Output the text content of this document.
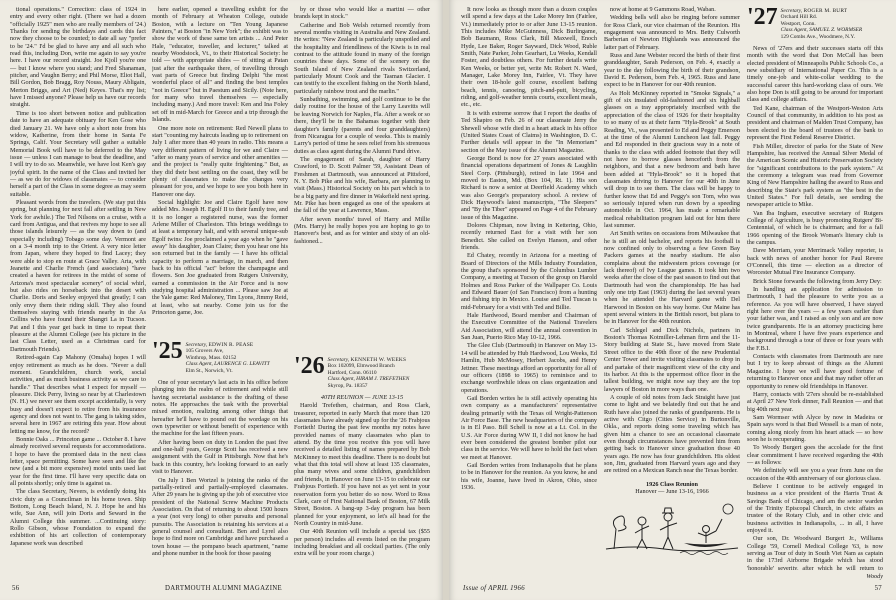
tional operations." Correction: class of 1924 in entry and every other right. (There we had a dozen "officially 1925" men who are really members of '24.) Thanks for sending the birthdays and cards this fact now they choose to be counted; to date all say "prefer to be '24." I'd be glad to have any and all such who read this, including Don, write me again to say you're here. I have our record straight. Joe Kjoll you're one — but I know where you stand; and Fred Shanaman, pitcher, and Vaughn Berry; and Phil Morse, Eliot Hall, Bill Gordon, Bob Bragg, Roy Nouss, Maury Abligain, Merton Briggs, and Art (Ned) Keyes. That's my list; have I missed anyone? Please help us have our records straight.

Time is too short between notice and publication date to have an adequate obituary for Ken Gose who died January 21. We have only a short note from his widow, Katherine, from their home in Santa Fe Springs, Calif. Your Secretary will gather a suitable Memorial Book will have to be deferred to the May issue — unless I can manage to beat the deadline, and I will try to do so. Meanwhile, we have lost Ken's gay joyful spirit. In the name of the Class and invited her — as we do for widows of classmates — to consider herself a part of the Class in some degree as may seem suitable.

Pleasant words from the travelers. (We stay put this spring, but planning for next fall after settling in New York for awhile.) The Ted Nilsons on a cruise, with a card from Antigua, and that revives my hope to see all those islands leisurely — as the way down to (and especially including) Tobago some day. Vermont are on a 3-4 month trip to the Orient. A very nice letter from Japan, where they hoped to find Lacey; they were able to stop en route at Grace Valley. Arta, with Jeanette and Charlie French (and associates) "have created a haven for retirees in the midst of some of Arizona's most spectacular scenery" of social whirl, but also rides on horseback into the desert with Charlie. Doris and Seeley enjoyed that greatly; I can only envy them their riding skill. They also found themselves staying with friends nearby in the As Collins who have found their Shangri La in Tucson. Pat and I this year get back in time to repeat their pleasure at the Alumni College (see his picture in the last Class Letter, used as a Christmas card for Dartmouth Friends).

Retired-again Cap Mahony (Omaha) hopes I will enjoy retirement as much as he does. "Never a dull moment. Grandchildren, church work, social activities, and as much business activity as we care to handle." That describes what I expect for myself — pleasure. Dick Perry, living so near by at Charlestown (N. H.) we never see them except accidentally, is very busy and doesn't expect to retire from his insurance agency and does not want to. The gang is taking sides, several here in 1967 are retiring this year. How about letting me know, for the record?

Bonnie Oaks ... Princeton game ... October 8. I have already received several requests for accommodations. I hope to have the promised data in the next class letter, space permitting. Some have seen and like the new (and a bit more expensive) motel units used last year for the first time. I'll have very specific data on all points shortly; only time is against us.

The class Secretary, Nevers, is evidently doing his civic duty as a Councilman in his home town. Ship Bottom, Long Beach Island, N. J. Hope he and his wife, Sue Ann, will join Doris and Seward in the Alumni College this summer. ...Continuing story: Rollo Gibson, whose Foundation to expand the exhibition of his art collection of contemporary Japanese work was described

here earlier, opened a travelling exhibit for the month of February at Wheaton College, outside Boston, with a lecture on "Ten Young Japanese Painters," at Boston "in New York"; the exhibit was to show the work of these same ten artists ... And Peter Hale, "educator, traveller, and lecturer," talked at nearby Woodstock, Vt., to their Historical Society: he told — with appropriate slides — of sitting at Patan just after the earthquake there, of travelling through vast parts of Greece but finding Delphi "the most wonderful place of all" and finding the best temples "not in Greece" but in Paestum and Sicily. (Note here, for many who travel themselves — especially including many.) And more travel: Ken and Ina Foley set off in mid-March for Greece and a trip through the Islands.

One more note on retirement: Red Newell plans to start "counting my haircuts leading up to retirement on July 1 after more than 40 years in radio. This means a very different pattern of living for we and Claire — "after so many years of service and other amenities — and the project is "really quite frightening." But, as they did their best settling on the coast, they will be plenty of classmates to make the changes very pleasant for you, and we hope to see you both here in Hanover one day.

Social highlight: Joe and Claire Egolf have now added Mrs. Joseph H. Egolf II to their family tree, and it is no longer a registered nurse, was the former Arlene Miller of Charleston. This brings weddings to at least a temporary halt, and with several unique-sub Egolf twins: Joe proclaimed a year ago when he "gave away" his daughter, Joan Claire; then you hear one his son returned but in the family — I have his official capacity to perform a marriage, in march, and then back to his official "act" before the champagne and flowers. Son Joe graduated from Rutgers University, earned a commission in the Air Force and is now studying hospital administration ... Please saw Joe at the Yale game: Red Maloney, Tim Lyons, Jimmy Reid, at least, who sat nearby. Come join us for the Princeton game, Joe.

'25 Secretary, EDWIN R. PEASE
105 Grovers Ave,
Winthrop, Mass. 02152
Class Agent, LAURENCE G. LEAVITT
Elm St., Norwich, Vt.

One of your secretary's last acts in his office before plunging into the realm of retirement and while still having secretarial assistance is the drafting of these notes. He approaches the task with the proverbial mixed emotion, realizing among other things that hereafter he'll have to pound out the wordage on his own typewriter or without benefit of experience with the machine for the last fifteen years.

After having been on duty in London the past five and one-half years, George Scott has received a new assignment with the Gulf in Pittsburgh. Now that he's back in this country, he's looking forward to an early visit to Hanover.

On July 1 Ben Wortzel is joining the ranks of the partially-retired and partially-employed classmates. After 29 years he is giving up the job of executive vice president of the National Screw Machine Products Association. On that of returning to about 1500 hours a year (not very long) to other pursuits and personal pursuits. The Association is retaining his services at a general counsel and consultant. Ben and Lyrel also hope to find more on Cambridge and have purchased a town house — the pompano beach apartment, "name and phone number in the book for those passing

by or those who would like a martini — other brands kept in stock."

Catherine and Bob Welsh returned recently from several months visiting in Australia and New Zealand. He writes: "New Zealand is particularly unspoiled and the hospitality and friendliness of the Kiwis is in real contrast to the attitude found in many of the foreign countries these days. Some of the scenery on the South Island of New Zealand rivals Switzerland, particularly Mount Cook and the Tasman Glacier. I can testify to the excellent fishing on the North Island, particularly rainbow trout and the marlin."

Sunbathing, swimming, and golf continue to be the daily routine for the house of the Larry Leavitts will be leaving Norwich for Naples, Fla. After a week or so there, they'll be in the Bahamas together with their daughter's family (parents and four granddaughters) from Nicaragua for a couple of weeks. This is mainly Larry's period of time he sees relief from his strenuous duties as class agent during the Alumni Fund drive.

The engagement of Sarah, daughter of Harry Crawford, to D. Scott Palmer '59, Assistant Dean of Freshmen at Dartmouth, was announced at Pittsford, N. Y. Bob Pike and his wife, Barbara, are planning to visit (Mass.) Historical Society on his part which is to be a big party and fire dinner in Wakefield next spring. Mr. Pike has been engaged as one of the speakers at the fall of the year at Lawrence, Mass.

After seven months' travel of Harry and Millie (Mrs. Harry) he really hopes you are hoping to go to Hanover's best, and as for winter and sixty of an old-fashioned...

'26 Secretary, KENNETH W. WEEKS
Box 102099, Elmwood Branch
Hartford, Conn. 06110
Class Agent, HIRAM J. TREFETHEN
Skyrop, Pa. 18357

40TH REUNION — JUNE 13-15

Harold Trefethen, chairman, and Ross Clark, treasurer, reported in early March that more than 120 classmates have already signed up for the '26 Frabjous Fortieth! During the past few months my notes have provided names of many classmates who plan to attend. By the time you receive this you will have received a detailed listing of names prepared by Bob McKinney to meet this deadline. There is no doubt but what that this total will show at least 135 classmates, plus many wives and some children, grandchildren and friends, in Hanover on June 13-15 to celebrate our Frabjous Fortieth. If you have not as yet sent in your reservation form you better do so now. Word to Ross Clark, care of First National Bank of Boston, 67 Milk Street, Boston. A bang-up 3-day program has been planned for your enjoyment, so let's all head for the North Country in mid-June.

Our 40th Reunion will include a special tax ($55 per person) includes all events listed on the program including breakfast and all cocktail parties. (The only extra will be your room charge.)

56	DARTMOUTH ALUMNI MAGAZINE

It now looks as though more than a dozen couples will spend a few days at the Lake Morey Inn (Fairlee, Vt.) immediately prior to or after June 13-15 reunion. This includes Mike McGuinness, Dick Burlingame, Bob Baumann, Ross Clark, Bill Maxwell, Enoch Hyde, Lee Baker, Roger Sayward, Dick Wood, Ruble Smith, Nate Parker, John Gearhart, Lu Weeks, Kendall Foster, and doubtless others. For further details write Ken Weeks, or better yet, write Mr. Robert N. Ward, Manager, Lake Morey Inn, Fairlee, Vt. They have their own 18-hole golf course, excellent bathing beach, tennis, canoeing, pitch-and-putt, bicycling, riding, and golf-weather tennis courts, excellent meals, etc., etc.

It is with extreme sorrow that I report the deaths of Ted Shapiro on Feb. 26 of our classmate Jerry the Shewell whose wife died in a heart attack in his office (United States Coast of Claims) in Washington, D. C. Further details will appear in the "In Memoriam" section of the May issue of the Alumni Magazine.

George Bond is now for 27 years associated with financial operations department of Jones & Laughlin Steel Corp. (Pittsburgh), retired in late 1964 and moved to Easton, Md. (Box 104, Rt. 1). His son Richard is now a senior at Deerfield Academy which was also George's preparatory school. A review of Dick Haywood's latest manuscripts, "The Sleepers" and "By the Tiber" appeared on Page 4 of the February issue of this Magazine.

Dolores Chipman, now living in Kettering, Ohio, recently returned East for a visit with her son Benedict. She called on Evelyn Hanson, and other friends.

Ed Chatey, recently in Arizona for a meeting of Board of Directors of the Mills Industry Foundation, the group that's sponsored by the Columbus Lumber Company, a meeting at Tucson of the group on Harold Holmes and Ross Parker of the Wallpaper Co. Louis and Edward Bauer (of San Francisco) from a hunting and fishing trip in Mexico. Louise and Ted Tuscan is mid-February for a visit with Ted and Billie.

Hale Hardwood, Board member and Chairman of the Executive Committee of the National Travelers Aid Association, will attend the annual convention in San Juan, Puerto Rico May 10-12, 1966.

The Glee Club (Dartmouth) in Hanover on May 13-14 will be attended by Hub Hardwood, Lou Weeks, Ed Hamlin, Hub McMosey, Herbert Jacobs, and Henry Jettner. These meetings afford an opportunity for all of our officers (1898 to 1965) to reminisce and to exchange worthwhile ideas on class organization and operations.

Gail Borden writes he is still actively operating his own company as a manufacturers' representative dealing primarily with the Texas oil Wright-Patterson Air Force Base. The new headquarters of the company is in El Paso. Bill Schell is now at a Lt. Col. in the U.S. Air Force during WW II, I did not know he had ever been considered the greatest bomber pilot our class in the service. We will have to hold the fact when we meet at Hanover.

Gail Borden writes from Indianapolis that he plans to be in Hanover for the reunion. As you know, he and his wife, Joanne, have lived in Akron, Ohio, since 1936.

now at home at 9 Gammons Road, Waban.

Wedding bells will also be ringing before summer for Ross Clark, our vice chairman of the Reunion. His engagement was announced to Mrs. Betty Culworth Barberian of Newton Highlands was announced the latter part of February.

Russ and Jane Webster record the birth of their first granddaughter, Sarah Pederson, on Feb. 4, exactly a year to the day following the birth of their grandson, David E. Pederson, born Feb. 4, 1965. Russ and Jane expect to be in Hanover for our 40th reunion.

As Holt McKinney reported in "Smoke Signals," a gift of six insulated old-fashioned and six highball glasses on a tray appropriately inscribed with the appreciation of the class of 1926 for their hospitality to so many of us at their farm "Hyla-Brook" at South Reading, Vt., was presented to Ed and Peggy Emerson at the time of the Alumni Luncheon last fall. Peggy and Ed responded in their gracious way in a note of thanks to the class with added footnote that they will not have to borrow glasses henceforth from the neighbors, and that a new bedroom and bath have been added at "Hyla-Brook" so it is hoped that classmates driving to Hanover for our 40th in June will drop in to see them. The class will be happy to further know that Ed and Peggy's son Tom, who was so seriously injured when run down by a speeding automobile in Oct. 1964, has made a remarkable medical rehabilitation program laid out for him there last summer.

Art Smith writes on occasions from Milwaukee that he is still an old bachelor, and reports his football is now confined only to observing a few Green Bay Packers games at the nearby stadium. He also complains about the midwestern prices coverage (or lack thereof) of Ivy League games. It took him two weeks after the close of the past season to find out that Dartmouth had won the championship. He has had only one trip East (1963) during the last several years when he attended the Harvard game with Del Harwood in Boston on his way home. Our Maine has spent several winters in the British resort, but plans to be in Hanover for the 40th reunion.

Carl Schlegel and Dick Nichols, partners in Boston's Thomas Kotmiller-Lehman firm and the 11-Story building at State St., have moved from State Street office to the 49th floor of the new Prudential Center Tower and invite visiting classmates to drop in and partake of their magnificent view of the city and its harbor. At this is the uppermost office floor in the tallest building, we might now say they are the top lawyers of Boston in more ways than one.

A couple of old notes from Jack Straight have just come to light and we belatedly find out that he and Ruth have also joined the ranks of grandparents. He is active with Citgo (Cities Service) in Burtonville, Okla., and reports doing some traveling which has given him a chance to see an occasional classmate even though circumstances have prevented him from getting back to Hanover since graduation those 40 years ago. He now has four grandchildren. His oldest son, Jim, graduated from Harvard years ago and they are retired on a Mexican Ranch near the Texas border.

1926 Class Reunion
Hanover — June 13-16, 1966
'27 Secretary, ROGER M. BURT
Orchard Hill Rd.
Westport, Conn.
Class Agent, SAMUEL Z. WORMSER
129 Combs Ave., Woodmere, N.Y.

News of '27ers and their successes starts off this month with the word that Don McCall has been elected president of Minneapolis Public Schools Co., a new subsidiary of International Paper Co. This is a timely one-job and white-collar wedding to the successful career this hard-working class of ours. We also hope Don is still going to be around for important class and college affairs.

Ted Kane, chairman of the Westport-Weston Arts Council of that community, in addition to his post as president and chairman of Malden Trust Company, has been elected to the board of trustees of the bank to represent the First Federal Reserve District.

Fish Miller, director of parks for the State of New Hampshire, has received the Annual Silver Medal of the American Scenic and Historic Preservation Society for "significant contributions to the park system." At the ceremony a telegram was read from Governor King of New Hampshire hailing the award to Russ and describing the State's park system as "the best in the United States." For full details, see sending the newspaper article to Mike.

Van Iba Ingham, executive secretary of Rutgers College of Agriculture, is busy promoting Rutgers' Bi-Centennial, of which he is chairman; and for a fall 1966 opening of the Brook Woman's literary club is the campus.

Dave Merriam, your Merrimack Valley reporter, is back with news of another honor for Paul Revere O'Connell, this time — election as a director of Worcester Mutual Fire Insurance Company.

Brick Stone forwards the following from Jerry Dey:

In handling an application for admission to Dartmouth, I had the pleasure to write you as a reference. As you will have observed, I have stayed right here over the years — a few years earlier than your father was, and I raised as only son and are now twice grandparents. He is an attorney practicing here in Montreal, where I have five years experience and background through a tour of three or four years with the F.B.I.

Contacts with classmates from Dartmouth are rare but I try to keep abreast of things as the Alumni Magazine. I hope we will have good fortune of returning to Hanover once and that may rather offer an opportunity to renew old friendships in Hanover.

Harry, contacts with '27ers should be re-established at April 27 New York dinner, Fall Reunion — and that big 40th next year.

Sam Wormser with Alyce by now in Madeira or Spain says word is that Bud Wessell is a man of note, coming along nicely from his heart attack — so how soon he is recuperating.

To Woody Burgert goes the accolade for the first clear commitment I have received regarding the 40th — as follows:

We definitely will see you a year from June on the occasion of the 40th anniversary of our glorious class.

Believe I continue to be actively engaged in business as a vice president of the Harris Trust & Savings Bank of Chicago, and am the senior warden of the Trinity Episcopal Church, in civic affairs as trustee of the Rotary Club, and in other civic and business activities in Indianapolis, ... in all, I have enjoyed it.

Our son, Dr. Woodward Burgert Jr., Williams College '59, Cornell Medical College '63, is now serving as Tour of duty in South Viet Nam as captain in the 173rd Airborne Brigade which has stood 'honorable' severity, after which he will return to

Woody
Issue of APRIL 1966	57
